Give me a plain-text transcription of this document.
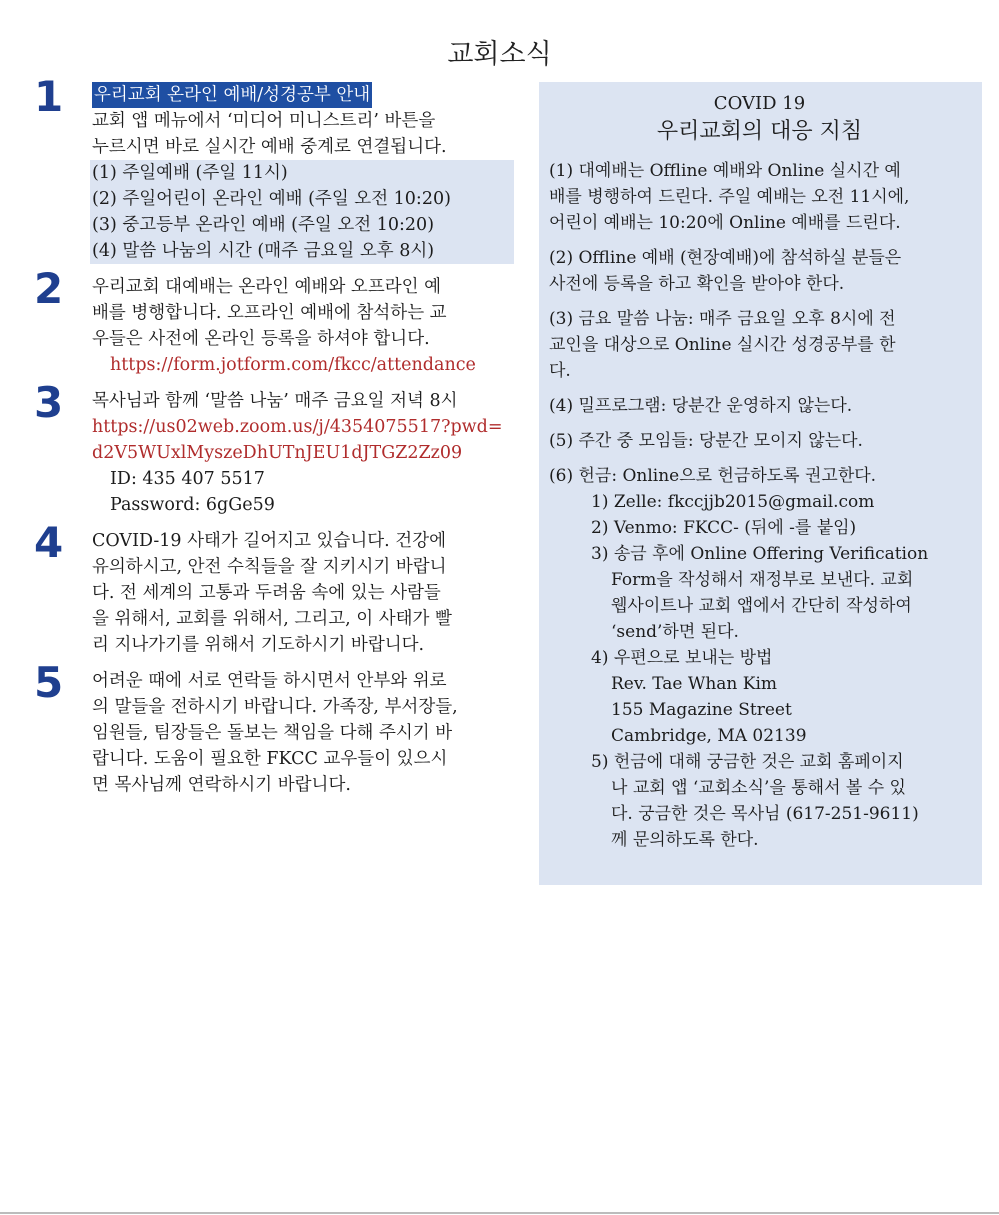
교회소식
1 우리교회 온라인 예배/성경공부 안내
교회 앱 메뉴에서 ‘미디어 미니스트리’ 바튼을
누르시면 바로 실시간 예배 중계로 연결됩니다.
(1) 주일예배 (주일 11시)
(2) 주일어린이 온라인 예배 (주일 오전 10:20)
(3) 중고등부 온라인 예배 (주일 오전 10:20)
(4) 말씀 나눔의 시간 (매주 금요일 오후 8시)
2 우리교회 대예배는 온라인 예배와 오프라인 예
배를 병행합니다. 오프라인 예배에 참석하는 교
우들은 사전에 온라인 등록을 하셔야 합니다.
https://form.jotform.com/fkcc/attendance
3 목사님과 함께 ‘말씀 나눔’ 매주 금요일 저녁 8시
https://us02web.zoom.us/j/4354075517?pwd=
d2V5WUxlMyszeDhUTnJEU1dJTGZ2Zz09
ID: 435 407 5517
Password: 6gGe59
4 COVID-19 사태가 길어지고 있습니다. 건강에
유의하시고, 안전 수칙들을 잘 지키시기 바랍니
다. 전 세계의 고통과 두려움 속에 있는 사람들
을 위해서, 교회를 위해서, 그리고, 이 사태가 빨
리 지나가기를 위해서 기도하시기 바랍니다.
5 어려운 때에 서로 연락들 하시면서 안부와 위로
의 말들을 전하시기 바랍니다. 가족장, 부서장들,
임원들, 팀장들은 돌보는 책임을 다해 주시기 바
랍니다. 도움이 필요한 FKCC 교우들이 있으시
면 목사님께 연락하시기 바랍니다.
COVID 19
우리교회의 대응 지침
(1) 대예배는 Offline 예배와 Online 실시간 예
배를 병행하여 드린다. 주일 예배는 오전 11시에,
어린이 예배는 10:20에 Online 예배를 드린다.
(2) Offline 예배 (현장예배)에 참석하실 분들은
사전에 등록을 하고 확인을 받아야 한다.
(3) 금요 말씀 나눔: 매주 금요일 오후 8시에 전
교인을 대상으로 Online 실시간 성경공부를 한
다.
(4) 밀프로그램: 당분간 운영하지 않는다.
(5) 주간 중 모임들: 당분간 모이지 않는다.
(6) 헌금: Online으로 헌금하도록 권고한다.
1) Zelle: fkccjjb2015@gmail.com
2) Venmo: FKCC- (뒤에 -를 붙임)
3) 송금 후에 Online Offering Verification
Form을 작성해서 재정부로 보낸다. 교회
웹사이트나 교회 앱에서 간단히 작성하여
‘send’하면 된다.
4) 우편으로 보내는 방법
Rev. Tae Whan Kim
155 Magazine Street
Cambridge, MA 02139
5) 헌금에 대해 궁금한 것은 교회 홈페이지
나 교회 앱 ‘교회소식’을 통해서 볼 수 있
다. 궁금한 것은 목사님 (617-251-9611)
께 문의하도록 한다.
